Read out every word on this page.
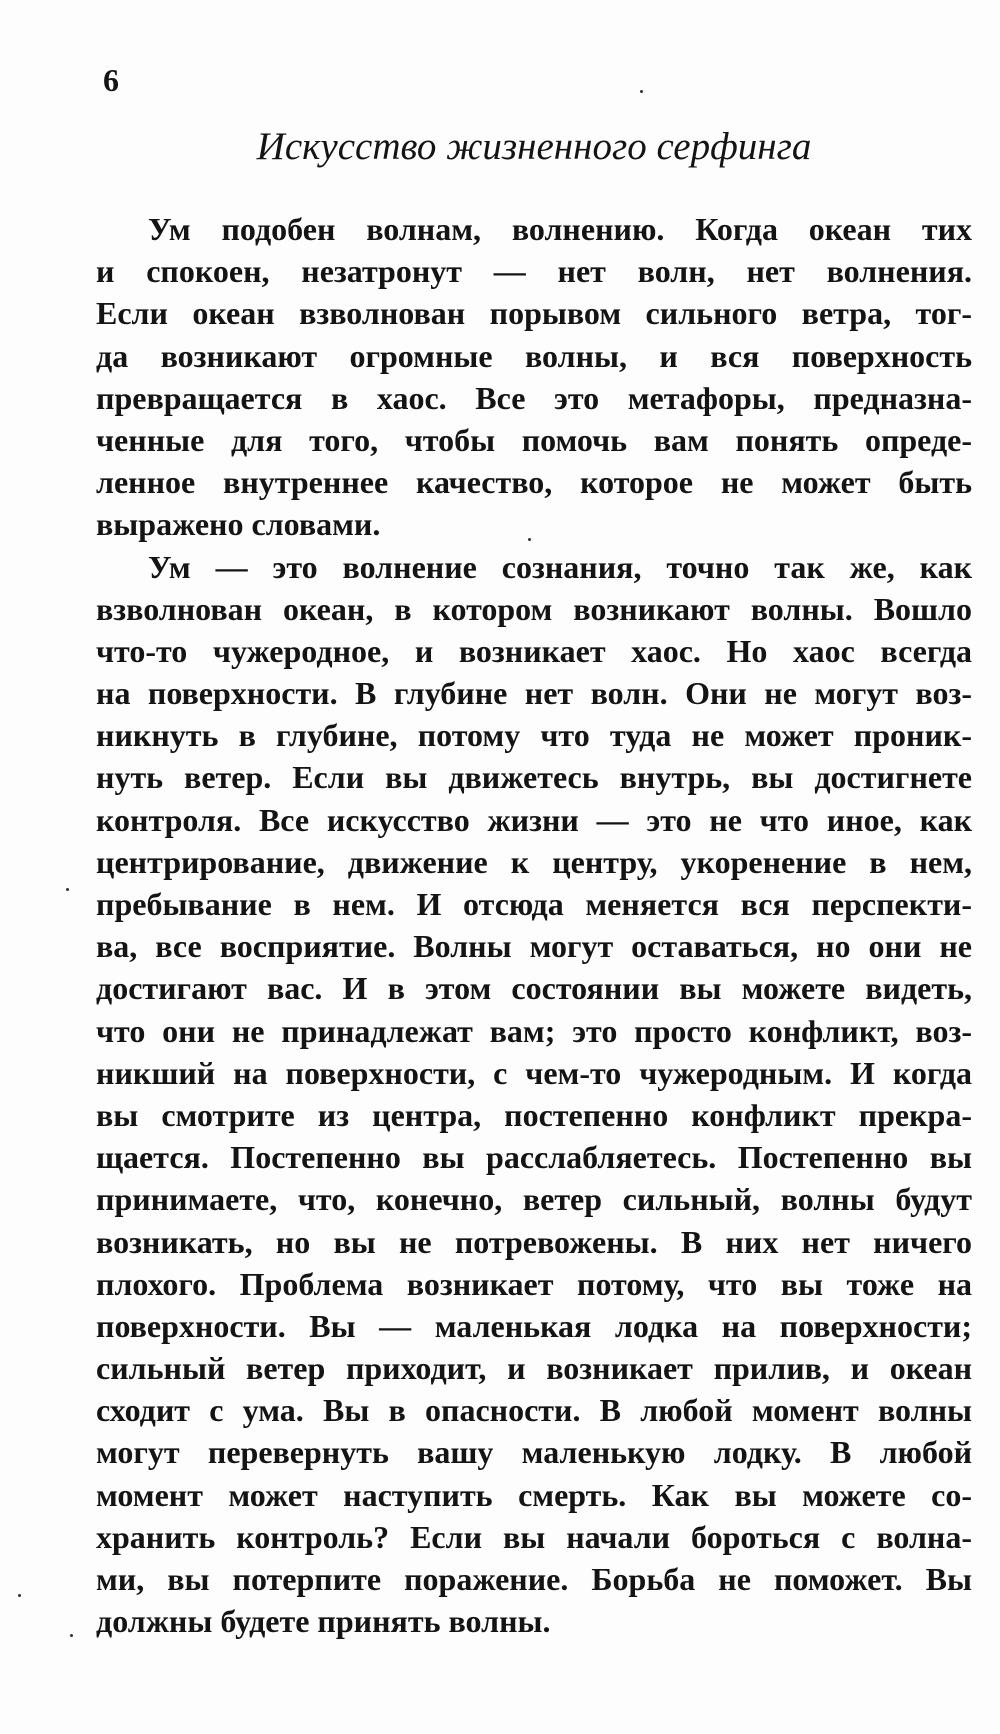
6
Искусство жизненного серфинга
Ум подобен волнам, волнению. Когда океан тих
и спокоен, незатронут — нет волн, нет волнения.
Если океан взволнован порывом сильного ветра, тог-
да возникают огромные волны, и вся поверхность
превращается в хаос. Все это метафоры, предназна-
ченные для того, чтобы помочь вам понять опреде-
ленное внутреннее качество, которое не может быть
выражено словами.
Ум — это волнение сознания, точно так же, как
взволнован океан, в котором возникают волны. Вошло
что-то чужеродное, и возникает хаос. Но хаос всегда
на поверхности. В глубине нет волн. Они не могут воз-
никнуть в глубине, потому что туда не может проник-
нуть ветер. Если вы движетесь внутрь, вы достигнете
контроля. Все искусство жизни — это не что иное, как
центрирование, движение к центру, укоренение в нем,
пребывание в нем. И отсюда меняется вся перспекти-
ва, все восприятие. Волны могут оставаться, но они не
достигают вас. И в этом состоянии вы можете видеть,
что они не принадлежат вам; это просто конфликт, воз-
никший на поверхности, с чем-то чужеродным. И когда
вы смотрите из центра, постепенно конфликт прекра-
щается. Постепенно вы расслабляетесь. Постепенно вы
принимаете, что, конечно, ветер сильный, волны будут
возникать, но вы не потревожены. В них нет ничего
плохого. Проблема возникает потому, что вы тоже на
поверхности. Вы — маленькая лодка на поверхности;
сильный ветер приходит, и возникает прилив, и океан
сходит с ума. Вы в опасности. В любой момент волны
могут перевернуть вашу маленькую лодку. В любой
момент может наступить смерть. Как вы можете со-
хранить контроль? Если вы начали бороться с волна-
ми, вы потерпите поражение. Борьба не поможет. Вы
должны будете принять волны.
